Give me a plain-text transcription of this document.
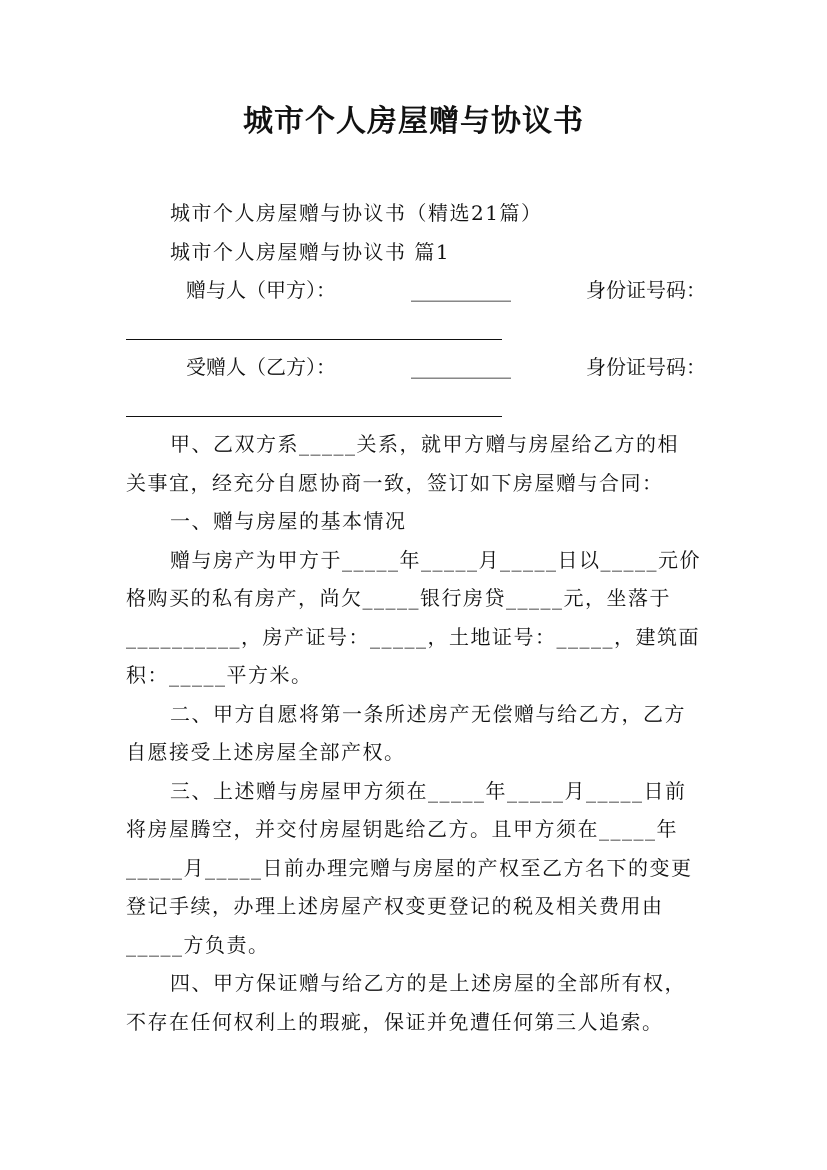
城市个人房屋赠与协议书
城市个人房屋赠与协议书（精选21篇）
城市个人房屋赠与协议书 篇1
赠与人（甲方）：	__________	身份证号码：
受赠人（乙方）：	__________	身份证号码：
甲、乙双方系_____关系，就甲方赠与房屋给乙方的相
关事宜，经充分自愿协商一致，签订如下房屋赠与合同：
一、赠与房屋的基本情况
赠与房产为甲方于_____年_____月_____日以_____元价
格购买的私有房产，尚欠_____银行房贷_____元，坐落于
__________，房产证号：_____，土地证号：_____，建筑面
积：_____平方米。
二、甲方自愿将第一条所述房产无偿赠与给乙方，乙方
自愿接受上述房屋全部产权。
三、上述赠与房屋甲方须在_____年_____月_____日前
将房屋腾空，并交付房屋钥匙给乙方。且甲方须在_____年
_____月_____日前办理完赠与房屋的产权至乙方名下的变更
登记手续，办理上述房屋产权变更登记的税及相关费用由
_____方负责。
四、甲方保证赠与给乙方的是上述房屋的全部所有权，
不存在任何权利上的瑕疵，保证并免遭任何第三人追索。
